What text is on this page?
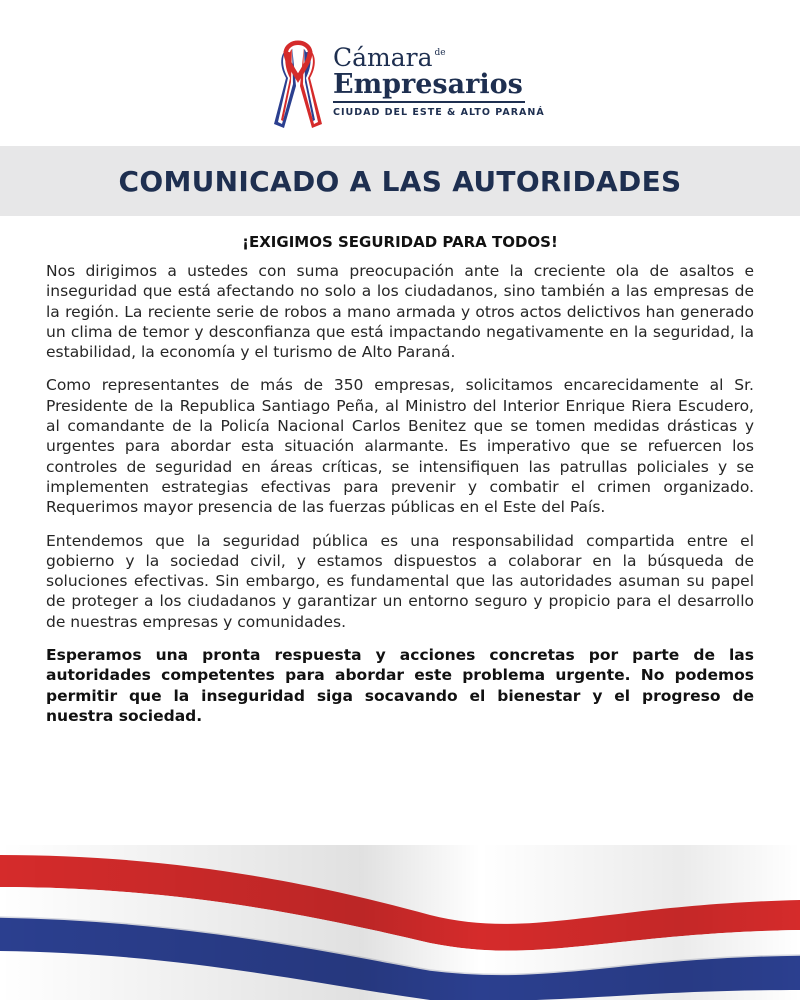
Cámara $^{de}$
Empresarios
CIUDAD DEL ESTE & ALTO PARANÁ
COMUNICADO A LAS AUTORIDADES

¡EXIGIMOS SEGURIDAD PARA TODOS!

Nos dirigimos a ustedes con suma preocupación ante la creciente ola de asaltos e inseguridad que está afectando no solo a los ciudadanos, sino también a las empresas de la región. La reciente serie de robos a mano armada y otros actos delictivos han generado un clima de temor y desconfianza que está impactando negativamente en la seguridad, la estabilidad, la economía y el turismo de Alto Paraná.

Como representantes de más de 350 empresas, solicitamos encarecidamente al Sr. Presidente de la Republica Santiago Peña, al Ministro del Interior Enrique Riera Escudero, al comandante de la Policía Nacional Carlos Benitez que se tomen medidas drásticas y urgentes para abordar esta situación alarmante. Es imperativo que se refuercen los controles de seguridad en áreas críticas, se intensifiquen las patrullas policiales y se implementen estrategias efectivas para prevenir y combatir el crimen organizado. Requerimos mayor presencia de las fuerzas públicas en el Este del País.

Entendemos que la seguridad pública es una responsabilidad compartida entre el gobierno y la sociedad civil, y estamos dispuestos a colaborar en la búsqueda de soluciones efectivas. Sin embargo, es fundamental que las autoridades asuman su papel de proteger a los ciudadanos y garantizar un entorno seguro y propicio para el desarrollo de nuestras empresas y comunidades.

Esperamos una pronta respuesta y acciones concretas por parte de las autoridades competentes para abordar este problema urgente. No podemos permitir que la inseguridad siga socavando el bienestar y el progreso de nuestra sociedad.
